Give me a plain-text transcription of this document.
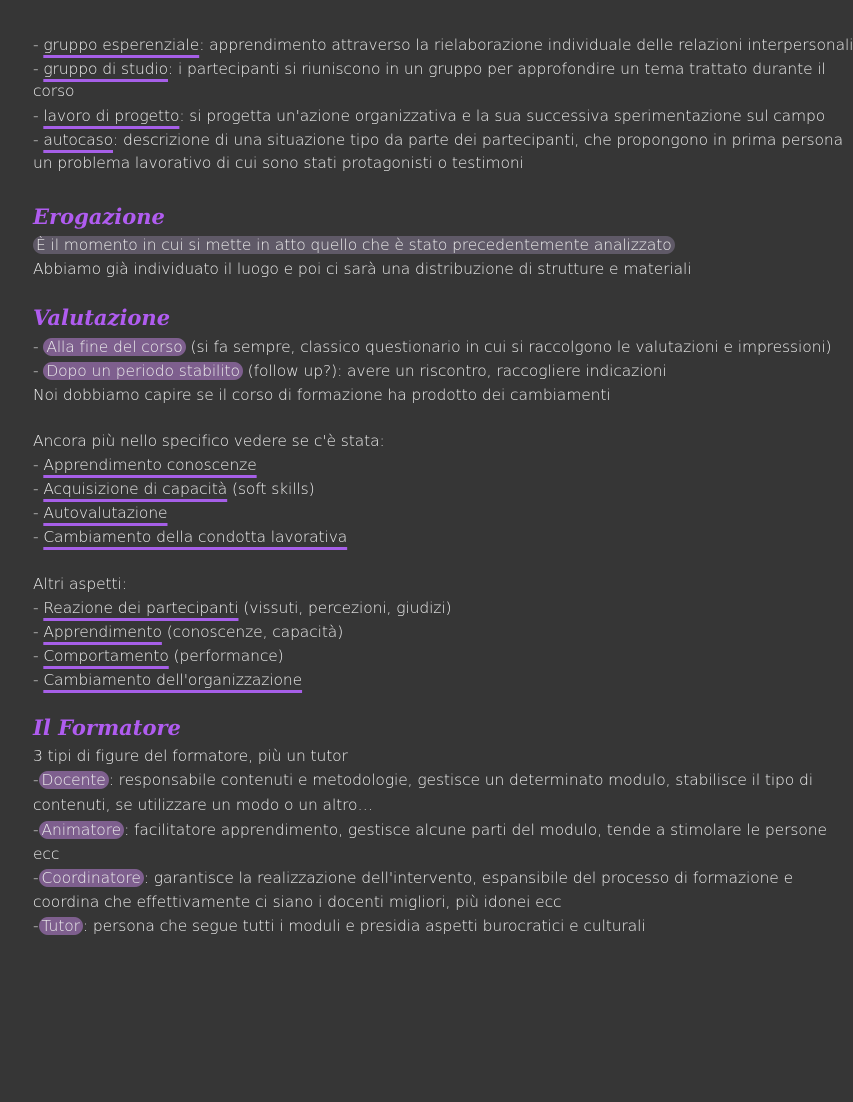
- gruppo esperenziale: apprendimento attraverso la rielaborazione individuale delle relazioni interpersonali
- gruppo di studio: i partecipanti si riuniscono in un gruppo per approfondire un tema trattato durante il
corso
- lavoro di progetto: si progetta un'azione organizzativa e la sua successiva sperimentazione sul campo
- autocaso: descrizione di una situazione tipo da parte dei partecipanti, che propongono in prima persona
un problema lavorativo di cui sono stati protagonisti o testimoni
Erogazione
È il momento in cui si mette in atto quello che è stato precedentemente analizzato
Abbiamo già individuato il luogo e poi ci sarà una distribuzione di strutture e materiali
Valutazione
- Alla fine del corso (si fa sempre, classico questionario in cui si raccolgono le valutazioni e impressioni)
- Dopo un periodo stabilito (follow up?): avere un riscontro, raccogliere indicazioni
Noi dobbiamo capire se il corso di formazione ha prodotto dei cambiamenti
Ancora più nello specifico vedere se c'è stata:
- Apprendimento conoscenze
- Acquisizione di capacità (soft skills)
- Autovalutazione
- Cambiamento della condotta lavorativa
Altri aspetti:
- Reazione dei partecipanti (vissuti, percezioni, giudizi)
- Apprendimento (conoscenze, capacità)
- Comportamento (performance)
- Cambiamento dell'organizzazione
Il Formatore
3 tipi di figure del formatore, più un tutor
- Docente : responsabile contenuti e metodologie, gestisce un determinato modulo, stabilisce il tipo di
contenuti, se utilizzare un modo o un altro…
- Animatore : facilitatore apprendimento, gestisce alcune parti del modulo, tende a stimolare le persone
ecc
- Coordinatore : garantisce la realizzazione dell'intervento, espansibile del processo di formazione e
coordina che effettivamente ci siano i docenti migliori, più idonei ecc
- Tutor : persona che segue tutti i moduli e presidia aspetti burocratici e culturali
